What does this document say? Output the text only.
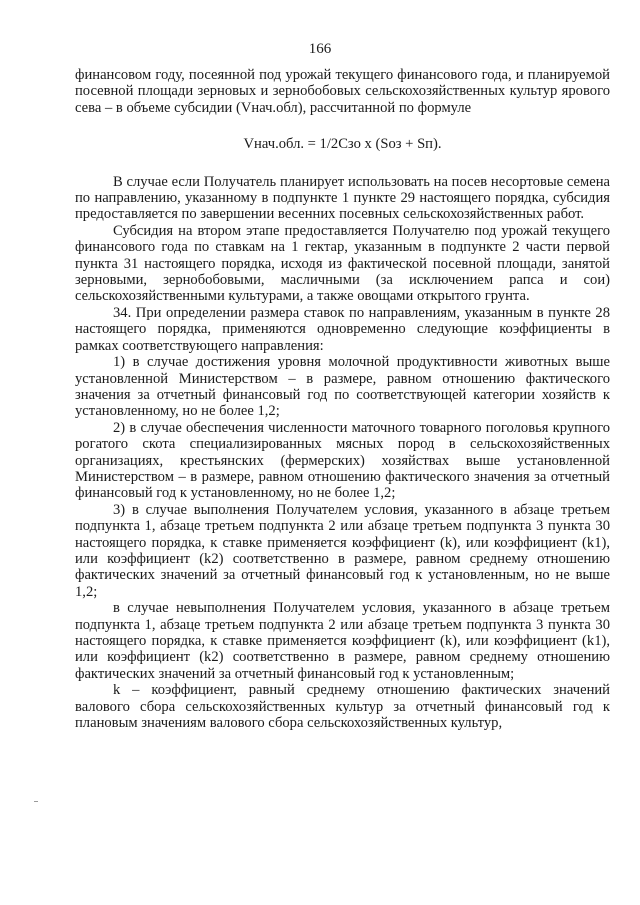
166

финансовом году, посеянной под урожай текущего финансового года, и планируемой посевной площади зерновых и зернобобовых сельскохозяйственных культур ярового сева – в объеме субсидии (Vнач.обл), рассчитанной по формуле

Vнач.обл. = 1/2Сзо x (Sоз + Sп).

В случае если Получатель планирует использовать на посев несортовые семена по направлению, указанному в подпункте 1 пункте 29 настоящего порядка, субсидия предоставляется по завершении весенних посевных сельскохозяйственных работ.

Субсидия на втором этапе предоставляется Получателю под урожай текущего финансового года по ставкам на 1 гектар, указанным в подпункте 2 части первой пункта 31 настоящего порядка, исходя из фактической посевной площади, занятой зерновыми, зернобобовыми, масличными (за исключением рапса и сои) сельскохозяйственными культурами, а также овощами открытого грунта.

34. При определении размера ставок по направлениям, указанным в пункте 28 настоящего порядка, применяются одновременно следующие коэффициенты в рамках соответствующего направления:

1) в случае достижения уровня молочной продуктивности животных выше установленной Министерством – в размере, равном отношению фактического значения за отчетный финансовый год по соответствующей категории хозяйств к установленному, но не более 1,2;

2) в случае обеспечения численности маточного товарного поголовья крупного рогатого скота специализированных мясных пород в сельскохозяйственных организациях, крестьянских (фермерских) хозяйствах выше установленной Министерством – в размере, равном отношению фактического значения за отчетный финансовый год к установленному, но не более 1,2;

3) в случае выполнения Получателем условия, указанного в абзаце третьем подпункта 1, абзаце третьем подпункта 2 или абзаце третьем подпункта 3 пункта 30 настоящего порядка, к ставке применяется коэффициент (k), или коэффициент (k1), или коэффициент (k2) соответственно в размере, равном среднему отношению фактических значений за отчетный финансовый год к установленным, но не выше 1,2;

в случае невыполнения Получателем условия, указанного в абзаце третьем подпункта 1, абзаце третьем подпункта 2 или абзаце третьем подпункта 3 пункта 30 настоящего порядка, к ставке применяется коэффициент (k), или коэффициент (k1), или коэффициент (k2) соответственно в размере, равном среднему отношению фактических значений за отчетный финансовый год к установленным;

k – коэффициент, равный среднему отношению фактических значений валового сбора сельскохозяйственных культур за отчетный финансовый год к плановым значениям валового сбора сельскохозяйственных культур,
